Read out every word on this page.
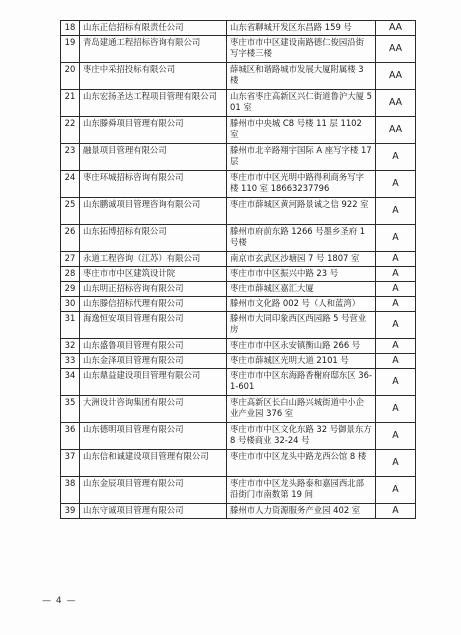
18	山东正信招标有限责任公司	山东省聊城开发区东昌路 159 号	AA
19	青岛建通工程招标咨询有限公司	枣庄市市中区建设南路德仁俊园沿街写字楼三楼	AA
20	枣庄中采招投标有限公司	薛城区和谐路城市发展大厦附属楼 3 楼	AA
21	山东宏扬圣达工程项目管理有限公司	山东省枣庄高新区兴仁街道鲁沪大厦 501 室	AA
22	山东滕舜项目管理有限公司	滕州市中央城 C8 号楼 11 层 1102 室	AA
23	融景项目管理有限公司	滕州市北辛路翔宇国际 A 座写字楼 17 层	A
24	枣庄环城招标咨询有限公司	枣庄市市中区光明中路得利商务写字楼 110 室 18663237796	A
25	山东鹏诚项目管理咨询有限公司	枣庄市薛城区黄河路景诚之信 922 室	A
26	山东拓博招标有限公司	滕州市府前东路 1266 号墨乡圣府 1 号楼	A
27	永道工程咨询（江苏）有限公司	南京市玄武区沙塘园 7 号 1807 室	A
28	枣庄市市中区建筑设计院	枣庄市市中区振兴中路 23 号	A
29	山东明正招标咨询有限公司	枣庄市薛城区嘉汇大厦	A
30	山东滕信招标代理有限公司	滕州市文化路 002 号（人和蓝湾）	A
31	海逸恒安项目管理有限公司	滕州市大同印象西区西园路 5 号营业房	A
32	山东盛鲁项目管理有限公司	枣庄市市中区永安镇衡山路 266 号	A
33	山东金泽项目管理有限公司	枣庄市薛城区光明大道 2101 号	A
34	山东鼎益建设项目管理有限公司	枣庄市市中区东海路香榭府邸东区 36-1-601	A
35	大洲设计咨询集团有限公司	枣庄高新区长白山路兴城街道中小企业产业园 376 室	A
36	山东德明项目管理有限公司	枣庄市市中区文化东路 32 号御景东方 8 号楼商业 32-24 号	A
37	山东信和诚建设项目管理有限公司	枣庄市市中区龙头中路龙西公馆 8 楼	A
38	山东金辰项目管理有限公司	枣庄市市中区龙头路泰和嘉园西北部沿街门市南数第 19 间	A
39	山东守诚项目管理有限公司	滕州市人力资源服务产业园 402 室	A
— 4 —
